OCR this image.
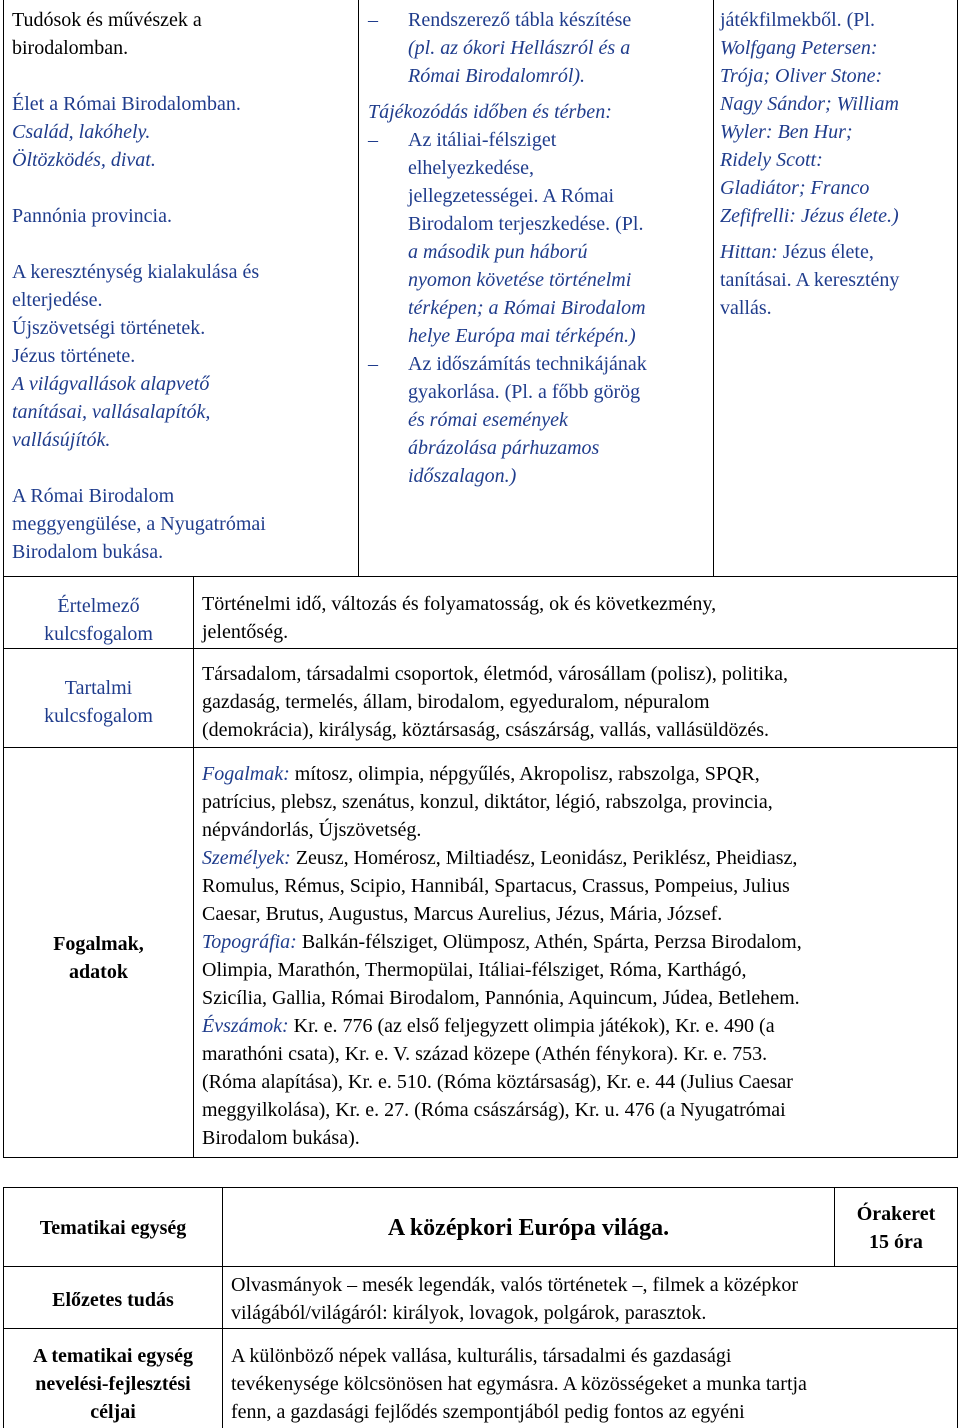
Tudósok és művészek a

birodalomban.

Élet a Római Birodalomban.

Család, lakóhely.

Öltözködés, divat.

Pannónia provincia.

A kereszténység kialakulása és

elterjedése.

Újszövetségi történetek.

Jézus története.

A világvallások alapvető

tanításai, vallásalapítók,

vallásújítók.

A Római Birodalom

meggyengülése, a Nyugatrómai

Birodalom bukása.

– Rendszerező tábla készítése

(pl. az ókori Hellászról és a

Római Birodalomról).

Tájékozódás időben és térben:

– Az itáliai-félsziget

elhelyezkedése,

jellegzetességei. A Római

Birodalom terjeszkedése. (Pl.

a második pun háború

nyomon követése történelmi

térképen; a Római Birodalom

helye Európa mai térképén.)

– Az időszámítás technikájának

gyakorlása. (Pl. a főbb görög

és római események

ábrázolása párhuzamos

időszalagon.)

játékfilmekből. (Pl.

Wolfgang Petersen:

Trója; Oliver Stone:

Nagy Sándor; William

Wyler: Ben Hur;

Ridely Scott:

Gladiátor; Franco

Zefifrelli: Jézus élete.)

Hittan: Jézus élete,

tanításai. A keresztény

vallás.

Értelmező

kulcsfogalom

Történelmi idő, változás és folyamatosság, ok és következmény,

jelentőség.

Tartalmi

kulcsfogalom

Társadalom, társadalmi csoportok, életmód, városállam (polisz), politika,

gazdaság, termelés, állam, birodalom, egyeduralom, népuralom

(demokrácia), királyság, köztársaság, császárság, vallás, vallásüldözés.

Fogalmak,

adatok

Fogalmak: mítosz, olimpia, népgyűlés, Akropolisz, rabszolga, SPQR,

patrícius, plebsz, szenátus, konzul, diktátor, légió, rabszolga, provincia,

népvándorlás, Újszövetség.

Személyek: Zeusz, Homérosz, Miltiadész, Leonidász, Periklész, Pheidiasz,

Romulus, Rémus, Scipio, Hannibál, Spartacus, Crassus, Pompeius, Julius

Caesar, Brutus, Augustus, Marcus Aurelius, Jézus, Mária, József.

Topográfia: Balkán-félsziget, Olümposz, Athén, Spárta, Perzsa Birodalom,

Olimpia, Marathón, Thermopülai, Itáliai-félsziget, Róma, Karthágó,

Szicília, Gallia, Római Birodalom, Pannónia, Aquincum, Júdea, Betlehem.

Évszámok: Kr. e. 776 (az első feljegyzett olimpia játékok), Kr. e. 490 (a

marathóni csata), Kr. e. V. század közepe (Athén fénykora). Kr. e. 753.

(Róma alapítása), Kr. e. 510. (Róma köztársaság), Kr. e. 44 (Julius Caesar

meggyilkolása), Kr. e. 27. (Róma császárság), Kr. u. 476 (a Nyugatrómai

Birodalom bukása).

Tematikai egység	A középkori Európa világa.

Órakeret

15 óra

Előzetes tudás

Olvasmányok – mesék legendák, valós történetek –, filmek a középkor

világából/világáról: királyok, lovagok, polgárok, parasztok.

A tematikai egység

nevelési-fejlesztési

céljai

A különböző népek vallása, kulturális, társadalmi és gazdasági

tevékenysége kölcsönösen hat egymásra. A közösségeket a munka tartja

fenn, a gazdasági fejlődés szempontjából pedig fontos az egyéni
